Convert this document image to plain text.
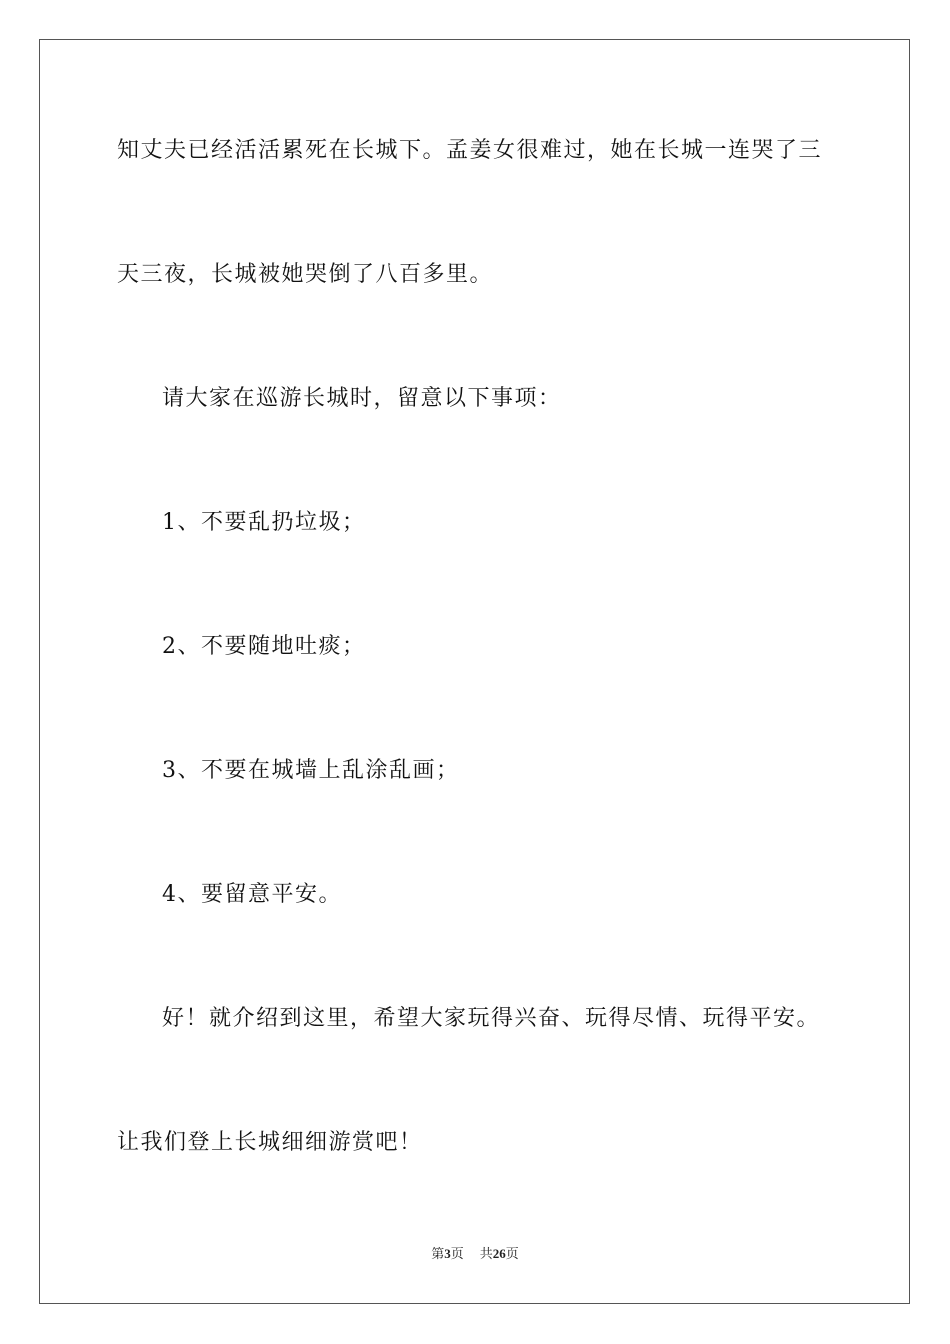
知丈夫已经活活累死在长城下。孟姜女很难过，她在长城一连哭了三
天三夜，长城被她哭倒了八百多里。
请大家在巡游长城时，留意以下事项：
1、不要乱扔垃圾；
2、不要随地吐痰；
3、不要在城墙上乱涂乱画；
4、要留意平安。
好！就介绍到这里，希望大家玩得兴奋、玩得尽情、玩得平安。
让我们登上长城细细游赏吧！
第3页 共26页
